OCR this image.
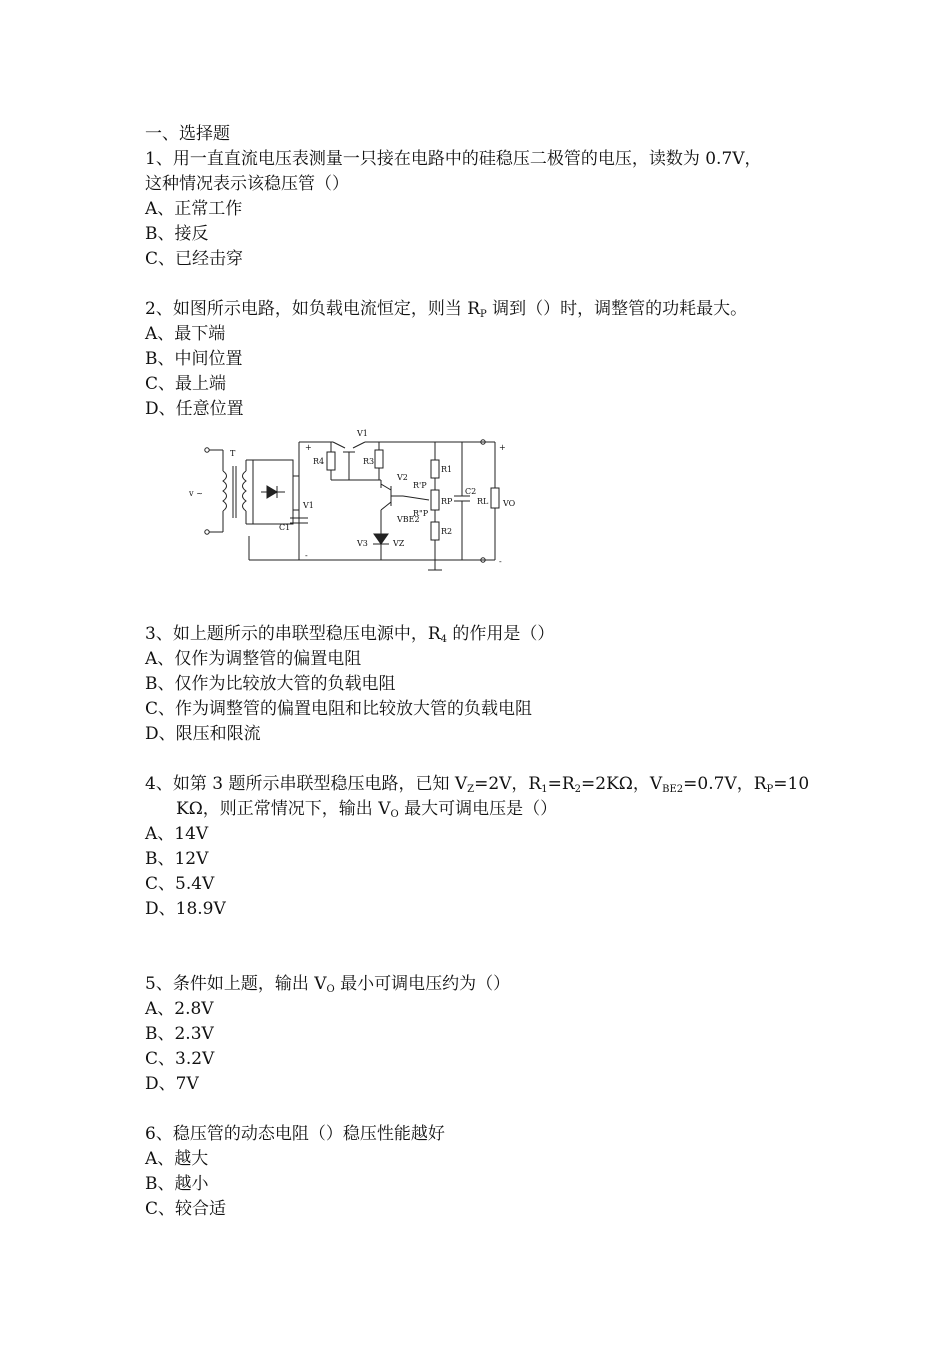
一、选择题
1、用一直直流电压表测量一只接在电路中的硅稳压二极管的电压，读数为 0.7V，
这种情况表示该稳压管（）
A、正常工作
B、接反
C、已经击穿
2、如图所示电路，如负载电流恒定，则当 $R_P$ 调到（）时，调整管的功耗最大。
A、最下端
B、中间位置
C、最上端
D、任意位置
v ~
T
V1
V1
C1
R4	R3
V2
V3	VZ
VBE2
R1
R'P
RP
R"P
R2
C2
RL VO
+
-
+
-
3、如上题所示的串联型稳压电源中，$R_4$ 的作用是（）
A、仅作为调整管的偏置电阻
B、仅作为比较放大管的负载电阻
C、作为调整管的偏置电阻和比较放大管的负载电阻
D、限压和限流
4、如第 3 题所示串联型稳压电路，已知 $V_Z=2V$，$R_1=R_2=2K\Omega$，$V_{BE2}=0.7V$，$R_P=10$
KΩ，则正常情况下，输出 $V_O$ 最大可调电压是（）
A、14V
B、12V
C、5.4V
D、18.9V
5、条件如上题，输出 $V_O$ 最小可调电压约为（）
A、2.8V
B、2.3V
C、3.2V
D、7V
6、稳压管的动态电阻（）稳压性能越好
A、越大
B、越小
C、较合适
